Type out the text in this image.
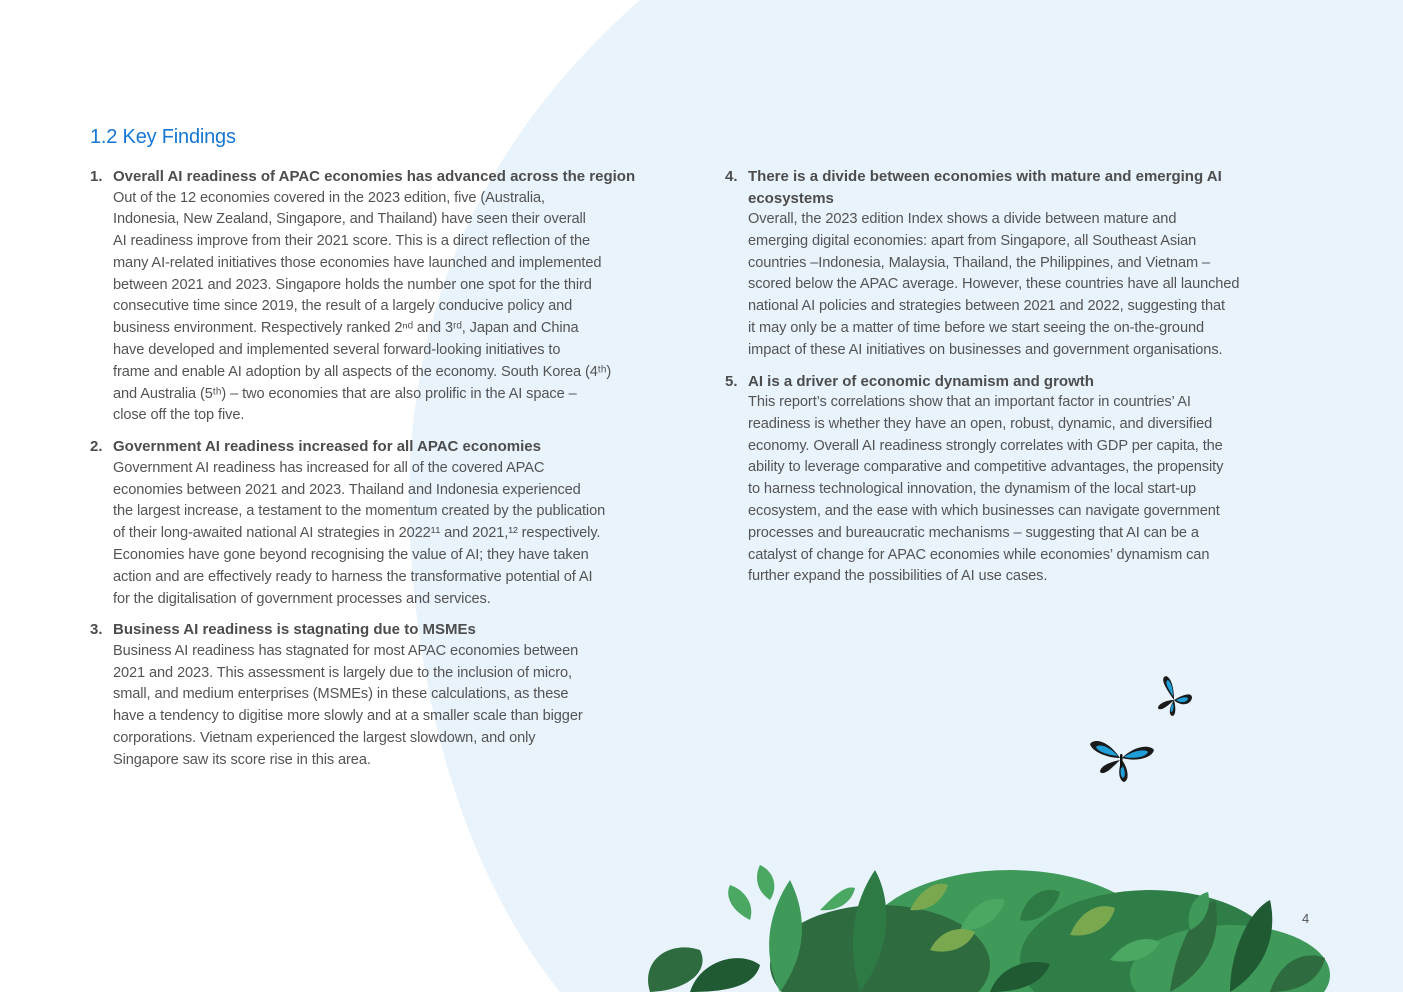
1.2 Key Findings
1. Overall AI readiness of APAC economies has advanced across the region

Out of the 12 economies covered in the 2023 edition, five (Australia,
Indonesia, New Zealand, Singapore, and Thailand) have seen their overall
AI readiness improve from their 2021 score. This is a direct reflection of the
many AI-related initiatives those economies have launched and implemented
between 2021 and 2023. Singapore holds the number one spot for the third
consecutive time since 2019, the result of a largely conducive policy and
business environment. Respectively ranked 2ⁿᵈ and 3ʳᵈ, Japan and China
have developed and implemented several forward-looking initiatives to
frame and enable AI adoption by all aspects of the economy. South Korea (4ᵗʰ)
and Australia (5ᵗʰ) – two economies that are also prolific in the AI space –
close off the top five.

2. Government AI readiness increased for all APAC economies

Government AI readiness has increased for all of the covered APAC
economies between 2021 and 2023. Thailand and Indonesia experienced
the largest increase, a testament to the momentum created by the publication
of their long-awaited national AI strategies in 2022¹¹ and 2021,¹² respectively.
Economies have gone beyond recognising the value of AI; they have taken
action and are effectively ready to harness the transformative potential of AI
for the digitalisation of government processes and services.

3. Business AI readiness is stagnating due to MSMEs

Business AI readiness has stagnated for most APAC economies between
2021 and 2023. This assessment is largely due to the inclusion of micro,
small, and medium enterprises (MSMEs) in these calculations, as these
have a tendency to digitise more slowly and at a smaller scale than bigger
corporations. Vietnam experienced the largest slowdown, and only
Singapore saw its score rise in this area.

4. There is a divide between economies with mature and emerging AI ecosystems

Overall, the 2023 edition Index shows a divide between mature and
emerging digital economies: apart from Singapore, all Southeast Asian
countries –Indonesia, Malaysia, Thailand, the Philippines, and Vietnam –
scored below the APAC average. However, these countries have all launched
national AI policies and strategies between 2021 and 2022, suggesting that
it may only be a matter of time before we start seeing the on-the-ground
impact of these AI initiatives on businesses and government organisations.

5. AI is a driver of economic dynamism and growth

This report’s correlations show that an important factor in countries’ AI
readiness is whether they have an open, robust, dynamic, and diversified
economy. Overall AI readiness strongly correlates with GDP per capita, the
ability to leverage comparative and competitive advantages, the propensity
to harness technological innovation, the dynamism of the local start-up
ecosystem, and the ease with which businesses can navigate government
processes and bureaucratic mechanisms – suggesting that AI can be a
catalyst of change for APAC economies while economies’ dynamism can
further expand the possibilities of AI use cases.

4
